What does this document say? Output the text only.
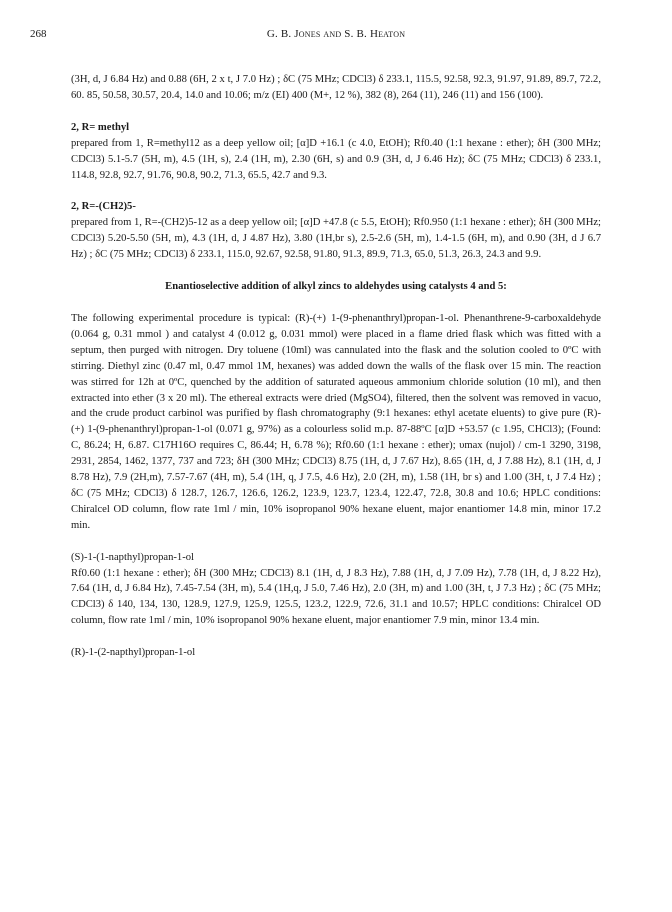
268	G. B. Jones and S. B. Heaton

(3H, d, J 6.84 Hz) and 0.88 (6H, 2 x t, J 7.0 Hz) ; δC (75 MHz; CDCl3) δ 233.1, 115.5, 92.58, 92.3, 91.97, 91.89, 89.7, 72.2, 60. 85, 50.58, 30.57, 20.4, 14.0 and 10.06; m/z (EI) 400 (M+, 12 %), 382 (8), 264 (11), 246 (11) and 156 (100).

2, R= methyl

prepared from 1, R=methyl12 as a deep yellow oil; [α]D +16.1 (c 4.0, EtOH); Rf0.40 (1:1 hexane : ether); δH (300 MHz; CDCl3) 5.1-5.7 (5H, m), 4.5 (1H, s), 2.4 (1H, m), 2.30 (6H, s) and 0.9 (3H, d, J 6.46 Hz); δC (75 MHz; CDCl3) δ 233.1, 114.8, 92.8, 92.7, 91.76, 90.8, 90.2, 71.3, 65.5, 42.7 and 9.3.

2, R=-(CH2)5-

prepared from 1, R=-(CH2)5-12 as a deep yellow oil; [α]D +47.8 (c 5.5, EtOH); Rf0.950 (1:1 hexane : ether); δH (300 MHz; CDCl3) 5.20-5.50 (5H, m), 4.3 (1H, d, J 4.87 Hz), 3.80 (1H,br s), 2.5-2.6 (5H, m), 1.4-1.5 (6H, m), and 0.90 (3H, d J 6.7 Hz) ; δC (75 MHz; CDCl3) δ 233.1, 115.0, 92.67, 92.58, 91.80, 91.3, 89.9, 71.3, 65.0, 51.3, 26.3, 24.3 and 9.9.

Enantioselective addition of alkyl zincs to aldehydes using catalysts 4 and 5:

The following experimental procedure is typical: (R)-(+) 1-(9-phenanthryl)propan-1-ol. Phenanthrene-9-carboxaldehyde (0.064 g, 0.31 mmol ) and catalyst 4 (0.012 g, 0.031 mmol) were placed in a flame dried flask which was fitted with a septum, then purged with nitrogen. Dry toluene (10ml) was cannulated into the flask and the solution cooled to 0ºC with stirring. Diethyl zinc (0.47 ml, 0.47 mmol 1M, hexanes) was added down the walls of the flask over 15 min. The reaction was stirred for 12h at 0ºC, quenched by the addition of saturated aqueous ammonium chloride solution (10 ml), and then extracted into ether (3 x 20 ml). The ethereal extracts were dried (MgSO4), filtered, then the solvent was removed in vacuo, and the crude product carbinol was purified by flash chromatography (9:1 hexanes: ethyl acetate eluents) to give pure (R)-(+) 1-(9-phenanthryl)propan-1-ol (0.071 g, 97%) as a colourless solid m.p. 87-88ºC [α]D +53.57 (c 1.95, CHCl3); (Found: C, 86.24; H, 6.87. C17H16O requires C, 86.44; H, 6.78 %); Rf0.60 (1:1 hexane : ether); υmax (nujol) / cm-1 3290, 3198, 2931, 2854, 1462, 1377, 737 and 723; δH (300 MHz; CDCl3) 8.75 (1H, d, J 7.67 Hz), 8.65 (1H, d, J 7.88 Hz), 8.1 (1H, d, J 8.78 Hz), 7.9 (2H,m), 7.57-7.67 (4H, m), 5.4 (1H, q, J 7.5, 4.6 Hz), 2.0 (2H, m), 1.58 (1H, br s) and 1.00 (3H, t, J 7.4 Hz) ; δC (75 MHz; CDCl3) δ 128.7, 126.7, 126.6, 126.2, 123.9, 123.7, 123.4, 122.47, 72.8, 30.8 and 10.6; HPLC conditions: Chiralcel OD column, flow rate 1ml / min, 10% isopropanol 90% hexane eluent, major enantiomer 14.8 min, minor 17.2 min.

(S)-1-(1-napthyl)propan-1-ol

Rf0.60 (1:1 hexane : ether); δH (300 MHz; CDCl3) 8.1 (1H, d, J 8.3 Hz), 7.88 (1H, d, J 7.09 Hz), 7.78 (1H, d, J 8.22 Hz), 7.64 (1H, d, J 6.84 Hz), 7.45-7.54 (3H, m), 5.4 (1H,q, J 5.0, 7.46 Hz), 2.0 (3H, m) and 1.00 (3H, t, J 7.3 Hz) ; δC (75 MHz; CDCl3) δ 140, 134, 130, 128.9, 127.9, 125.9, 125.5, 123.2, 122.9, 72.6, 31.1 and 10.57; HPLC conditions: Chiralcel OD column, flow rate 1ml / min, 10% isopropanol 90% hexane eluent, major enantiomer 7.9 min, minor 13.4 min.

(R)-1-(2-napthyl)propan-1-ol
